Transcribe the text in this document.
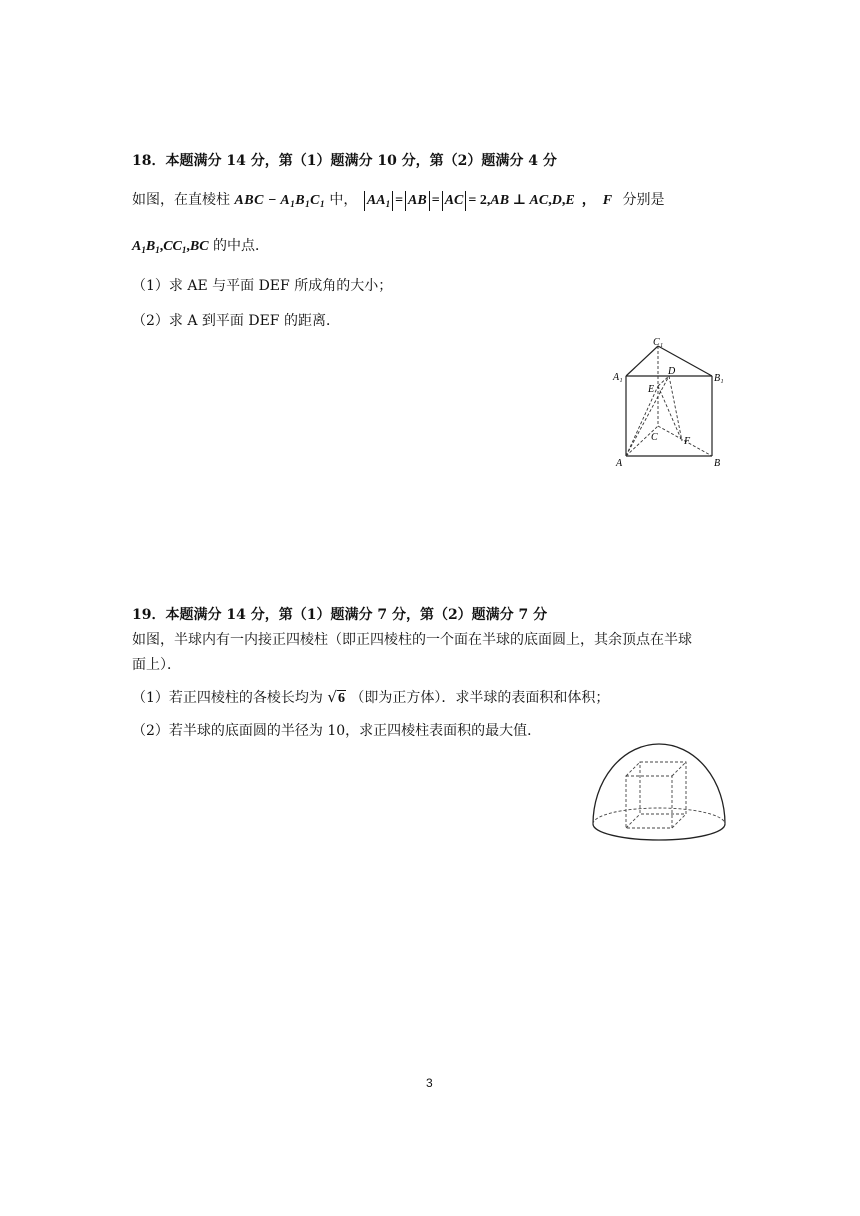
18．本题满分 14 分，第（1）题满分 10 分，第（2）题满分 4 分
如图，在直棱柱 ABC − $A_1B_1C_1$ 中， $AA_1$ = AB = AC = 2,AB ⊥ AC,D,E  ，  F 分别是
$A_1B_1,CC_1,BC$ 的中点．
（1）求 AE 与平面 DEF 所成角的大小；
（2）求 A 到平面 DEF 的距离．
C₁
A₁	B₁
D
E
C	F
A	B
19．本题满分 14 分，第（1）题满分 7 分，第（2）题满分 7 分
如图，半球内有一内接正四棱柱（即正四棱柱的一个面在半球的底面圆上，其余顶点在半球
面上）．
（1）若正四棱柱的各棱长均为 √6 （即为正方体）．求半球的表面积和体积；
（2）若半球的底面圆的半径为 10，求正四棱柱表面积的最大值．
3
